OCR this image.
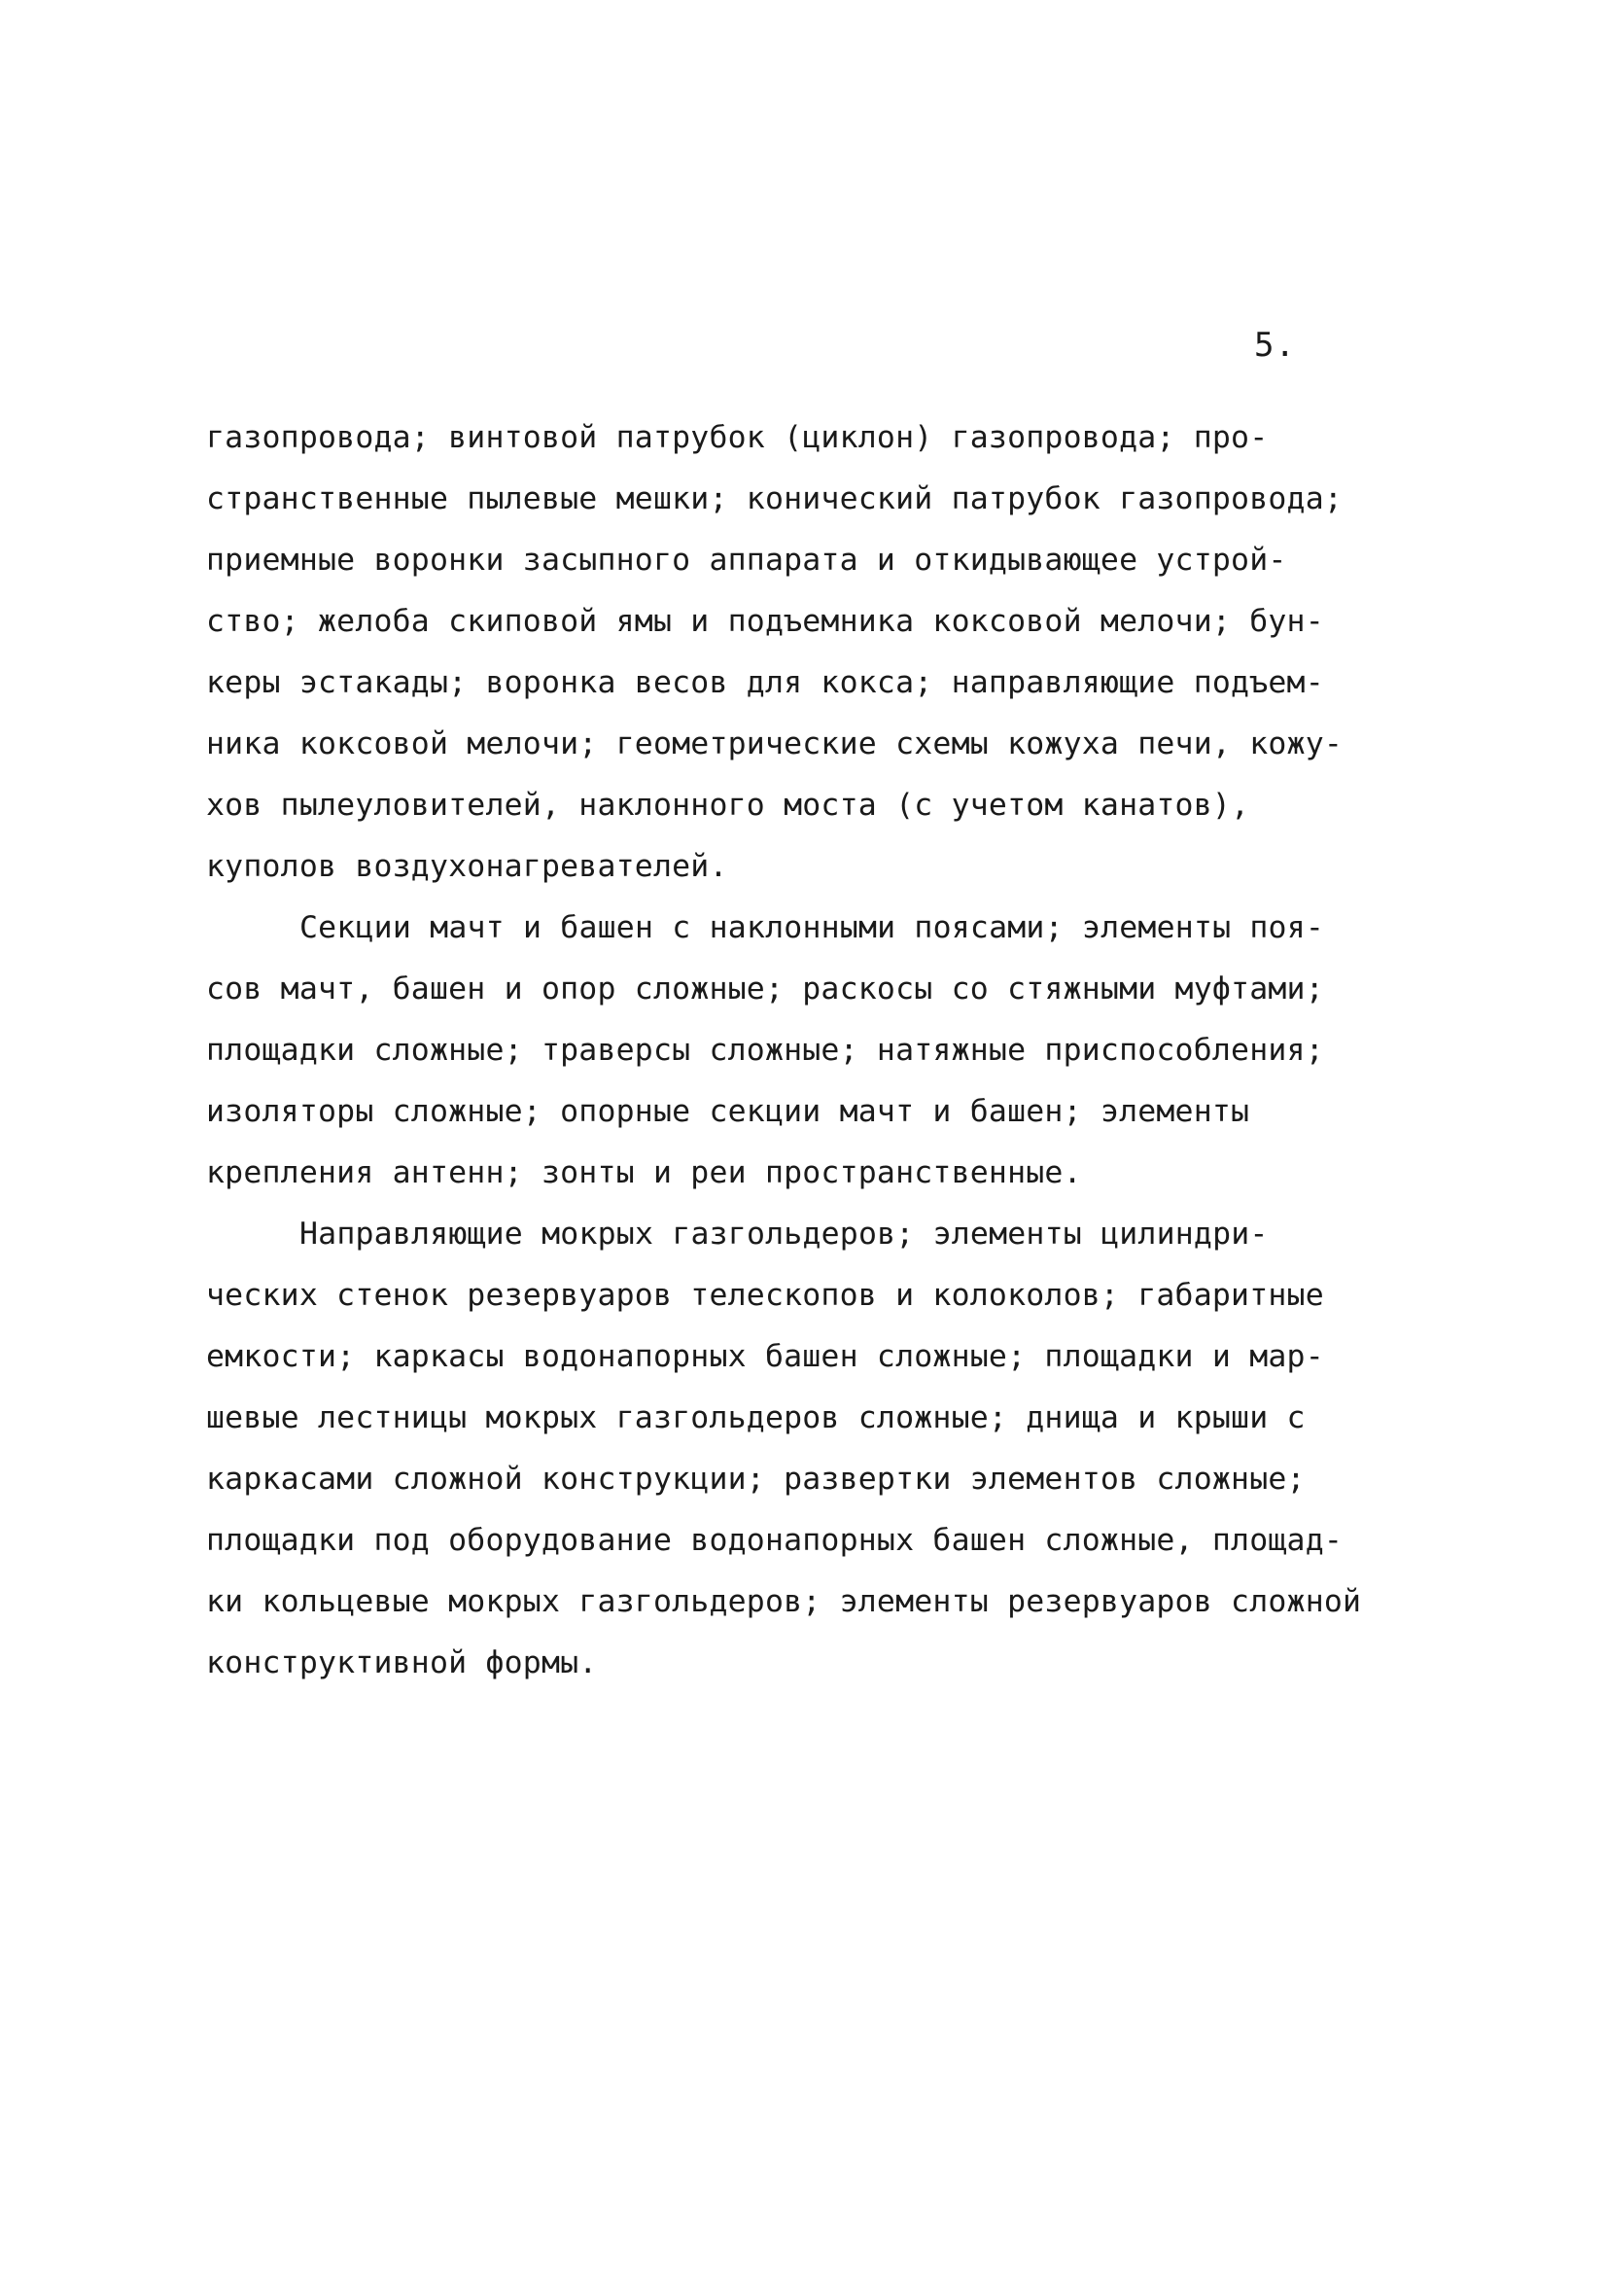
5.
газопровода; винтовой патрубок (циклон) газопровода; про-
странственные пылевые мешки; конический патрубок газопровода;
приемные воронки засыпного аппарата и откидывающее устрой-
ство; желоба скиповой ямы и подъемника коксовой мелочи; бун-
керы эстакады; воронка весов для кокса; направляющие подъем-
ника коксовой мелочи; геометрические схемы кожуха печи, кожу-
хов пылеуловителей, наклонного моста (с учетом канатов),
куполов воздухонагревателей.
Секции мачт и башен с наклонными поясами; элементы поя-
сов мачт, башен и опор сложные; раскосы со стяжными муфтами;
площадки сложные; траверсы сложные; натяжные приспособления;
изоляторы сложные; опорные секции мачт и башен; элементы
крепления антенн; зонты и реи пространственные.
Направляющие мокрых газгольдеров; элементы цилиндри-
ческих стенок резервуаров телескопов и колоколов; габаритные
емкости; каркасы водонапорных башен сложные; площадки и мар-
шевые лестницы мокрых газгольдеров сложные; днища и крыши с
каркасами сложной конструкции; развертки элементов сложные;
площадки под оборудование водонапорных башен сложные, площад-
ки кольцевые мокрых газгольдеров; элементы резервуаров сложной
конструктивной формы.
